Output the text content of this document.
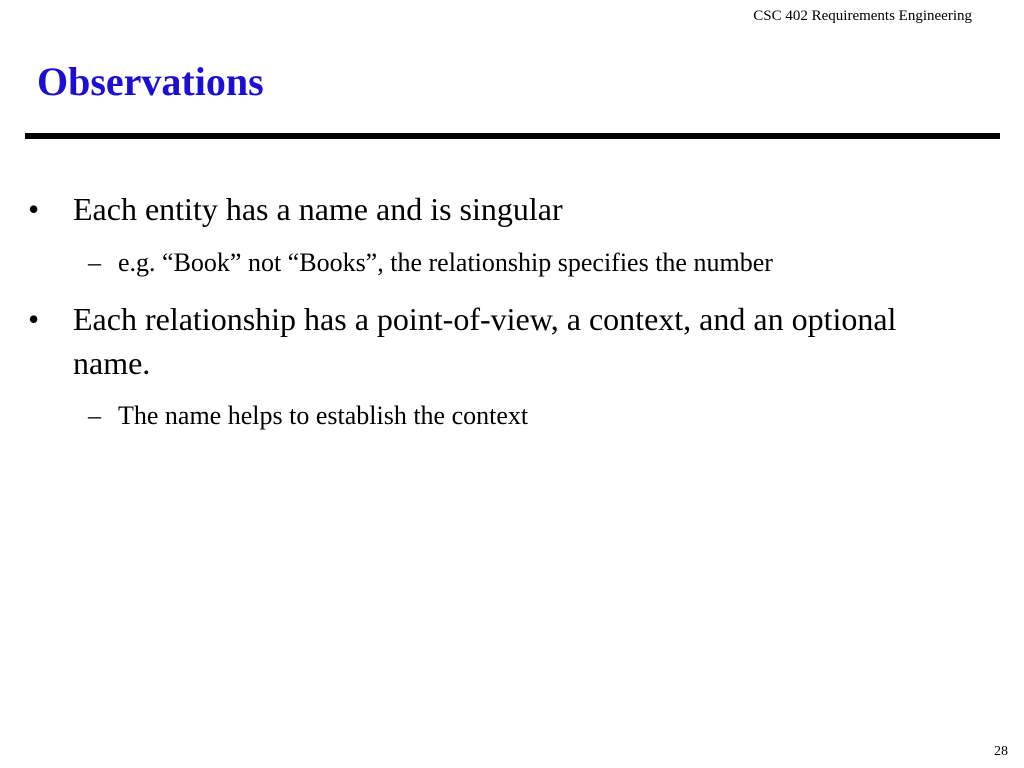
CSC 402 Requirements Engineering
Observations
•	Each entity has a name and is singular
– e.g. “Book” not “Books”, the relationship specifies the number
•	Each relationship has a point-of-view, a context, and an optional name.
– The name helps to establish the context
28
